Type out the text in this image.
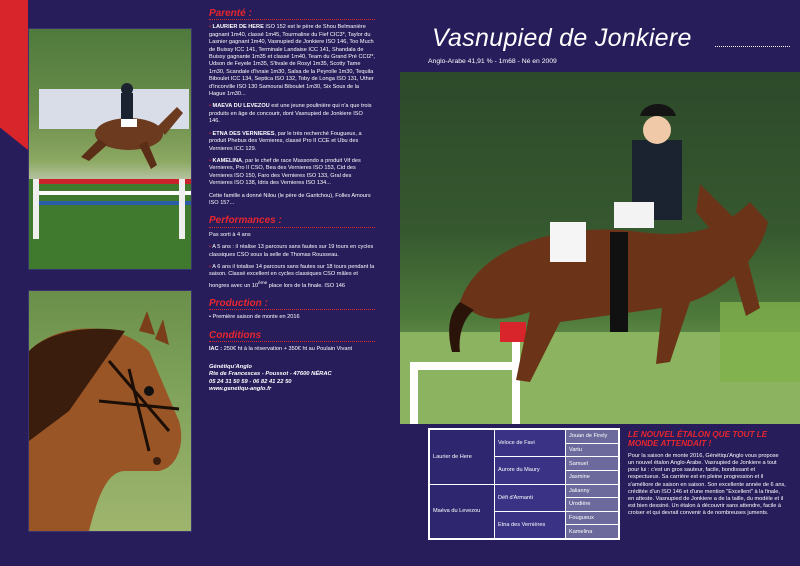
Parenté :

• LAURIER DE HERE ISO 152 est le père de Shou Belmanière gagnant 1m40, classé 1m45, Tourmaline du Fief CIC3*, Taylor du Lasnier gagnant 1m40, Vasnupied de Jonkiere ISO 146, Too Much de Buissy ICC 141, Terminale Landaise ICC 141, Shandala de Buissy gagnante 1m35 et classé 1m40, Team du Grand Pré CCI2*, Udson de Feyele 1m35, S'tivale de Rosyl 1m35, Scotty Tame 1m30, Scandale d'Ivraie 1m30, Salsa de la Peyrolle 1m30, Tequila Biboulet ICC 134, Septica ISO 132, Toby de Longa ISO 131, Uther d'Incorville ISO 130 Samourai Biboulet 1m30, Six Sous de la Hague 1m30...

• MAEVA DU LEVEZOU est une jeune poulinière qui n'a que trois produits en âge de concourir, dont Vasnupied de Jonkiere ISO 146.

• ETNA DES VERNIERES, par le très recherché Fougueux, a produit Phebus des Vernieres, classé Pro II CCE et Ubu des Vernieres ICC 129.

• KAMELINA, par le chef de race Massondo a produit Vif des Vernieres, Pro II CSO, Bea des Vernieres ISO 153, Cid des Vernieres ISO 150, Faro des Vernieres ISO 133, Gral des Vernieres ISO 138, Idris des Vernieres ISO 134...

Cette famille a donné Nilou (le père de Garitchou), Folles Amours ISO 157...

Performances :

Pas sorti à 4 ans

• A 5 ans : il réalise 13 parcours sans fautes sur 19 tours en cycles classiques CSO sous la selle de Thomas Rousseau.

• A 6 ans il totalise 14 parcours sans fautes sur 18 tours pendant la saison. Classé excellent en cycles classiques CSO mâles et hongres avec un 10ème place lors de la finale. ISO 146

Production :

• Première saison de monte en 2016

Conditions

IAC : 250€ ht à la réservation + 350€ ht au Poulain Vivant

Génétiqu'Anglo
Rte de Francescas - Poussot - 47600 NÉRAC
05 24 31 50 59 - 06 82 41 22 50
www.genetiqu-anglo.fr
Vasnupied de Jonkiere
Anglo-Arabe 41,91 % - 1m68 - Né en 2009
Laurier de Here	Veloce de Favi	Jouan de Firely
		Vartu
	Aurore du Maury	Samuel
		Jasmine
Maéva du Levezou	Défi d'Armanti	Jalianny
		Urodière
	Etna des Vernières	Fougueux
		Kamelina
LE NOUVEL ÉTALON QUE TOUT LE MONDE ATTENDAIT !
Pour la saison de monte 2016, Génétiqu'Anglo vous propose un nouvel étalon Anglo-Arabe. Vasnupied de Jonkiere a tout pour lui : c'est un gros sauteur, facile, bondissant et respectueux. Sa carrière est en pleine progression et il s'améliore de saison en saison. Son excellente année de 6 ans, créditée d'un ISO 146 et d'une mention "Excellent" à la finale, en atteste. Vasnupied de Jonkiere a de la taille, du modèle et il est bien dessiné. Un étalon à découvrir sans attendre, facile à croiser et qui devrait convenir à de nombreuses juments.
